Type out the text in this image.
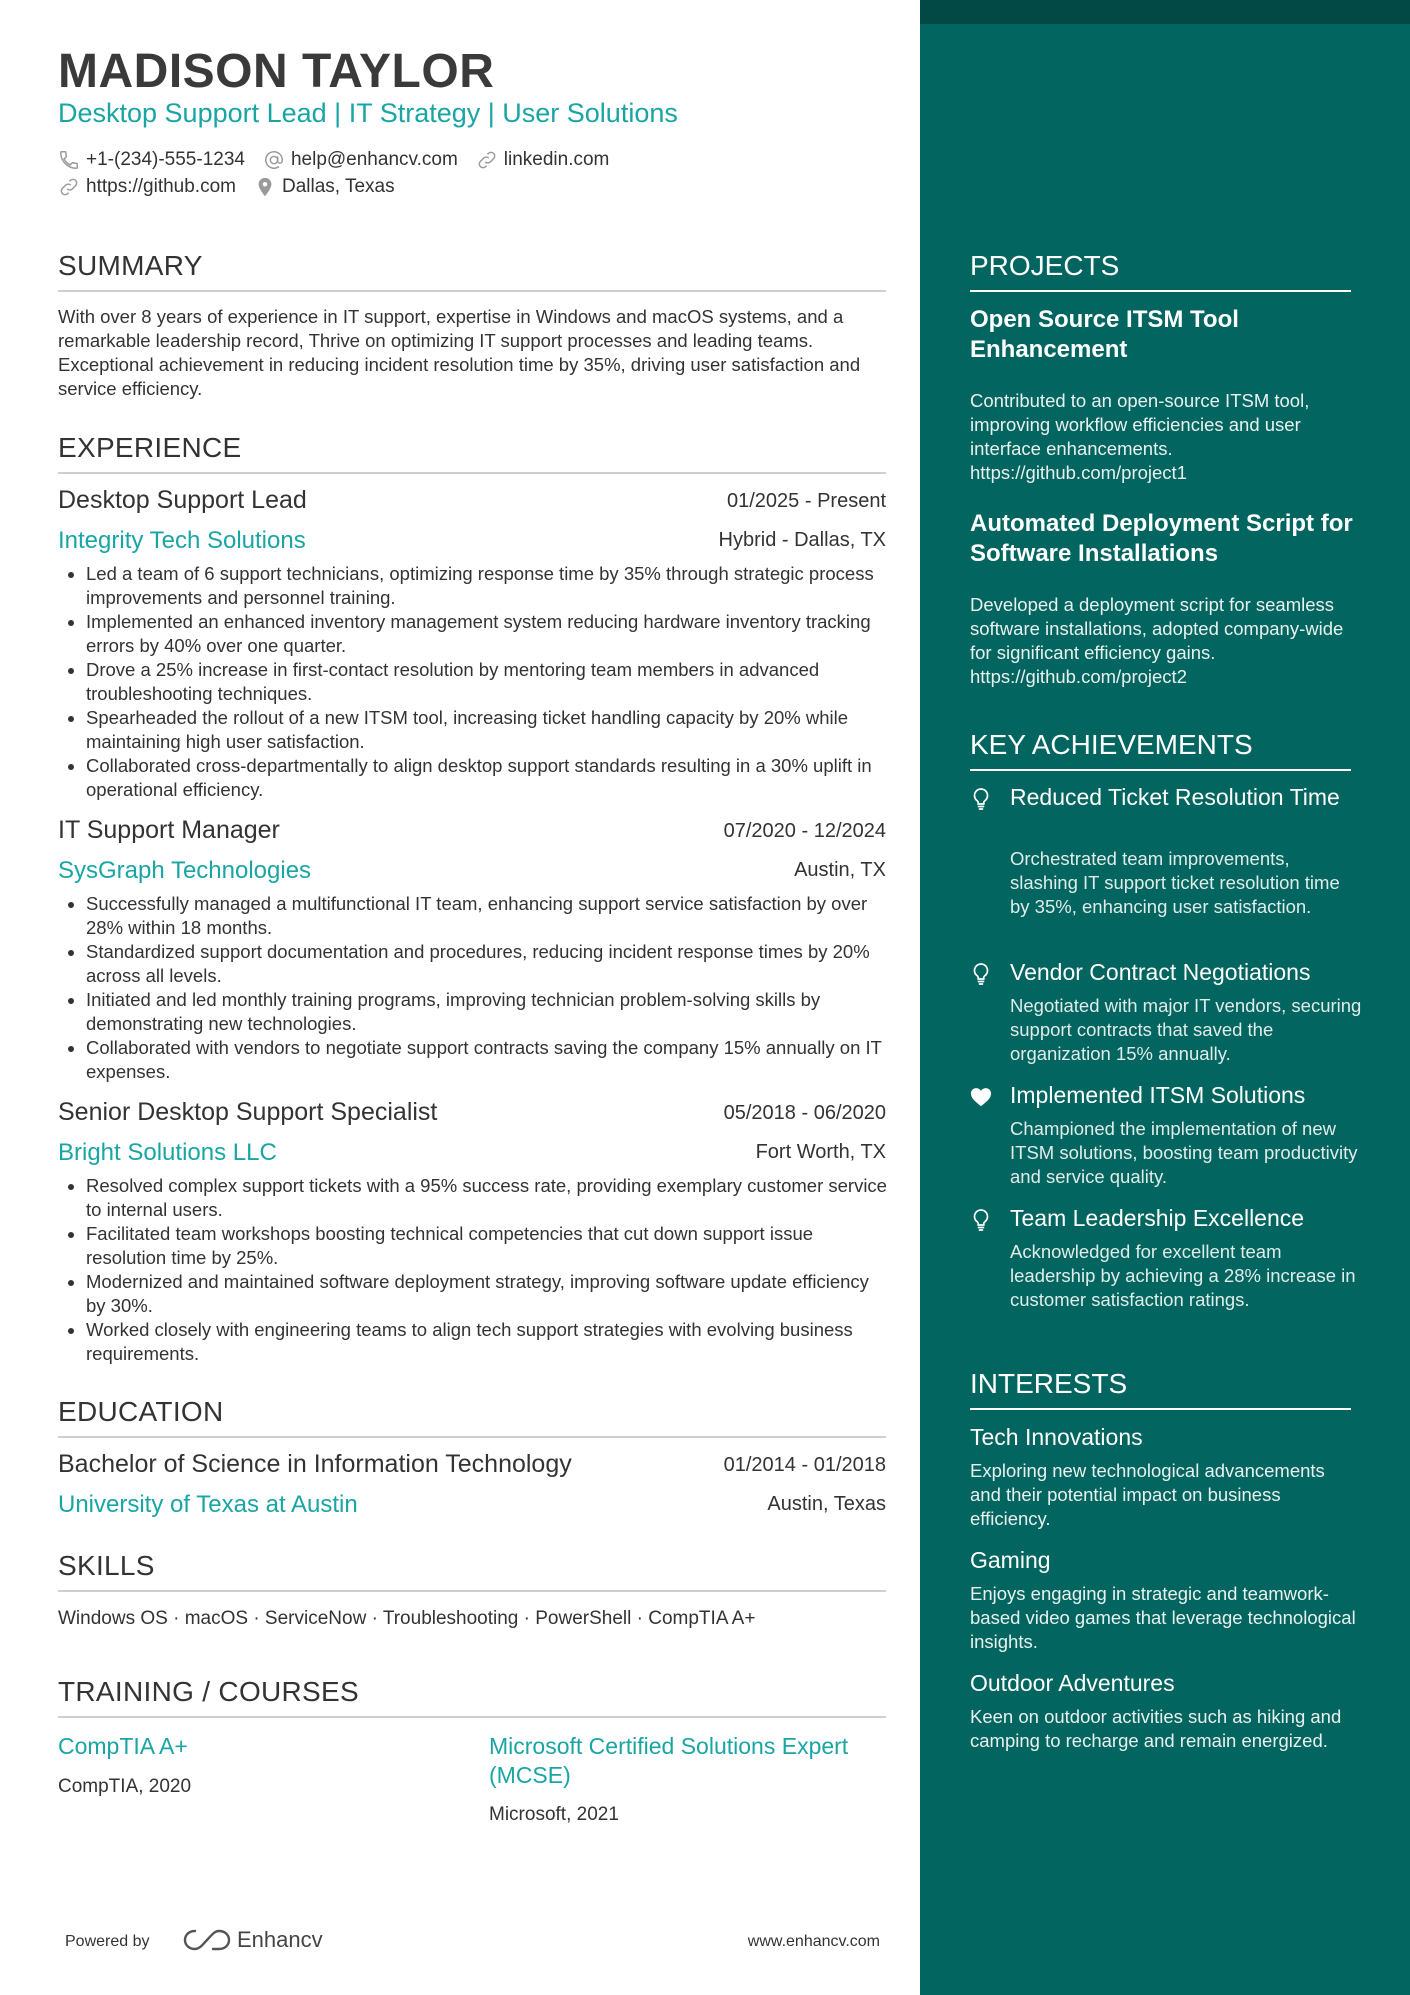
MADISON TAYLOR
Desktop Support Lead | IT Strategy | User Solutions
+1-(234)-555-1234 help@enhancv.com linkedin.com
https://github.com Dallas, Texas
SUMMARY

With over 8 years of experience in IT support, expertise in Windows and macOS systems, and a remarkable leadership record, Thrive on optimizing IT support processes and leading teams. Exceptional achievement in reducing incident resolution time by 35%, driving user satisfaction and service efficiency.

EXPERIENCE
Desktop Support Lead	01/2025 - Present
Integrity Tech Solutions	Hybrid - Dallas, TX
• Led a team of 6 support technicians, optimizing response time by 35% through strategic process improvements and personnel training.
• Implemented an enhanced inventory management system reducing hardware inventory tracking errors by 40% over one quarter.
• Drove a 25% increase in first-contact resolution by mentoring team members in advanced troubleshooting techniques.
• Spearheaded the rollout of a new ITSM tool, increasing ticket handling capacity by 20% while maintaining high user satisfaction.
• Collaborated cross-departmentally to align desktop support standards resulting in a 30% uplift in operational efficiency.
IT Support Manager	07/2020 - 12/2024
SysGraph Technologies	Austin, TX
• Successfully managed a multifunctional IT team, enhancing support service satisfaction by over 28% within 18 months.
• Standardized support documentation and procedures, reducing incident response times by 20% across all levels.
• Initiated and led monthly training programs, improving technician problem-solving skills by demonstrating new technologies.
• Collaborated with vendors to negotiate support contracts saving the company 15% annually on IT expenses.
Senior Desktop Support Specialist	05/2018 - 06/2020
Bright Solutions LLC	Fort Worth, TX
• Resolved complex support tickets with a 95% success rate, providing exemplary customer service to internal users.
• Facilitated team workshops boosting technical competencies that cut down support issue resolution time by 25%.
• Modernized and maintained software deployment strategy, improving software update efficiency by 30%.
• Worked closely with engineering teams to align tech support strategies with evolving business requirements.
EDUCATION
Bachelor of Science in Information Technology	01/2014 - 01/2018
University of Texas at Austin	Austin, Texas
SKILLS
Windows OS · macOS · ServiceNow · Troubleshooting · PowerShell · CompTIA A+
TRAINING / COURSES
CompTIA A+
CompTIA, 2020
Microsoft Certified Solutions Expert (MCSE)
Microsoft, 2021
Powered by	Enhancv	www.enhancv.com
PROJECTS
Open Source ITSM Tool Enhancement
Contributed to an open-source ITSM tool, improving workflow efficiencies and user interface enhancements. https://github.com/project1
Automated Deployment Script for Software Installations
Developed a deployment script for seamless software installations, adopted company-wide for significant efficiency gains. https://github.com/project2
KEY ACHIEVEMENTS
Reduced Ticket Resolution Time
Orchestrated team improvements, slashing IT support ticket resolution time by 35%, enhancing user satisfaction.
Vendor Contract Negotiations
Negotiated with major IT vendors, securing support contracts that saved the organization 15% annually.
Implemented ITSM Solutions
Championed the implementation of new ITSM solutions, boosting team productivity and service quality.
Team Leadership Excellence
Acknowledged for excellent team leadership by achieving a 28% increase in customer satisfaction ratings.
INTERESTS
Tech Innovations
Exploring new technological advancements and their potential impact on business efficiency.
Gaming
Enjoys engaging in strategic and teamwork-based video games that leverage technological insights.
Outdoor Adventures
Keen on outdoor activities such as hiking and camping to recharge and remain energized.
